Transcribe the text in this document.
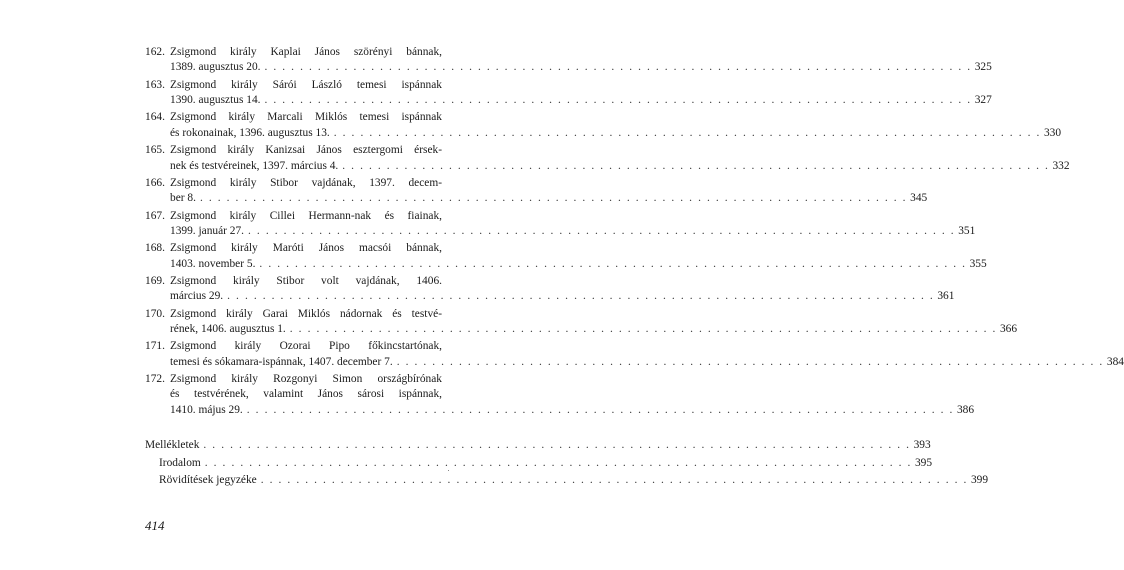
162. Zsigmond király Kaplai János szörényi bánnak,
1389. augusztus 20. . . . . . . . . . . . . . . . . . . . . . . . . . . . . . . . . . . . . . . . . . . . . . . . . . . . . . . . . . . . . . . . . . . . . . . . . . . . . . . . . 325
163. Zsigmond király Sárói László temesi ispánnak
1390. augusztus 14. . . . . . . . . . . . . . . . . . . . . . . . . . . . . . . . . . . . . . . . . . . . . . . . . . . . . . . . . . . . . . . . . . . . . . . . . . . . . . . . . 327
164. Zsigmond király Marcali Miklós temesi ispánnak
és rokonainak, 1396. augusztus 13. . . . . . . . . . . . . . . . . . . . . . . . . . . . . . . . . . . . . . . . . . . . . . . . . . . . . . . . . . . . . . . . . . . . . . . . . . . . . . . . . 330
165. Zsigmond király Kanizsai János esztergomi érsek-
nek és testvéreinek, 1397. március 4. . . . . . . . . . . . . . . . . . . . . . . . . . . . . . . . . . . . . . . . . . . . . . . . . . . . . . . . . . . . . . . . . . . . . . . . . . . . . . . . . 332
166. Zsigmond király Stibor vajdának, 1397. decem-
ber 8. . . . . . . . . . . . . . . . . . . . . . . . . . . . . . . . . . . . . . . . . . . . . . . . . . . . . . . . . . . . . . . . . . . . . . . . . . . . . . . . . 345
167. Zsigmond király Cillei Hermann-nak és fiainak,
1399. január 27. . . . . . . . . . . . . . . . . . . . . . . . . . . . . . . . . . . . . . . . . . . . . . . . . . . . . . . . . . . . . . . . . . . . . . . . . . . . . . . . . 351
168. Zsigmond király Maróti János macsói bánnak,
1403. november 5. . . . . . . . . . . . . . . . . . . . . . . . . . . . . . . . . . . . . . . . . . . . . . . . . . . . . . . . . . . . . . . . . . . . . . . . . . . . . . . . . 355
169. Zsigmond király Stibor volt vajdának, 1406.
március 29. . . . . . . . . . . . . . . . . . . . . . . . . . . . . . . . . . . . . . . . . . . . . . . . . . . . . . . . . . . . . . . . . . . . . . . . . . . . . . . . . 361
170. Zsigmond király Garai Miklós nádornak és testvé-
rének, 1406. augusztus 1. . . . . . . . . . . . . . . . . . . . . . . . . . . . . . . . . . . . . . . . . . . . . . . . . . . . . . . . . . . . . . . . . . . . . . . . . . . . . . . . . 366
171. Zsigmond király Ozorai Pipo főkincstartónak,
temesi és sókamara-ispánnak, 1407. december 7. . . . . . . . . . . . . . . . . . . . . . . . . . . . . . . . . . . . . . . . . . . . . . . . . . . . . . . . . . . . . . . . . . . . . . . . . . . . . . . . . 384
172. Zsigmond király Rozgonyi Simon országbírónak
és testvérének, valamint János sárosi ispánnak,
1410. május 29. . . . . . . . . . . . . . . . . . . . . . . . . . . . . . . . . . . . . . . . . . . . . . . . . . . . . . . . . . . . . . . . . . . . . . . . . . . . . . . . . 386
Mellékletek . . . . . . . . . . . . . . . . . . . . . . . . . . . . . . . . . . . . . . . . . . . . . . . . . . . . . . . . . . . . . . . . . . . . . . . . . . . . . . . . 393
Irodalom . . . . . . . . . . . . . . . . . . . . . . . . . . . . . . . . . . . . . . . . . . . . . . . . . . . . . . . . . . . . . . . . . . . . . . . . . . . . . . . . 395
Rövidítések jegyzéke . . . . . . . . . . . . . . . . . . . . . . . . . . . . . . . . . . . . . . . . . . . . . . . . . . . . . . . . . . . . . . . . . . . . . . . . . . . . . . . . 399
414
